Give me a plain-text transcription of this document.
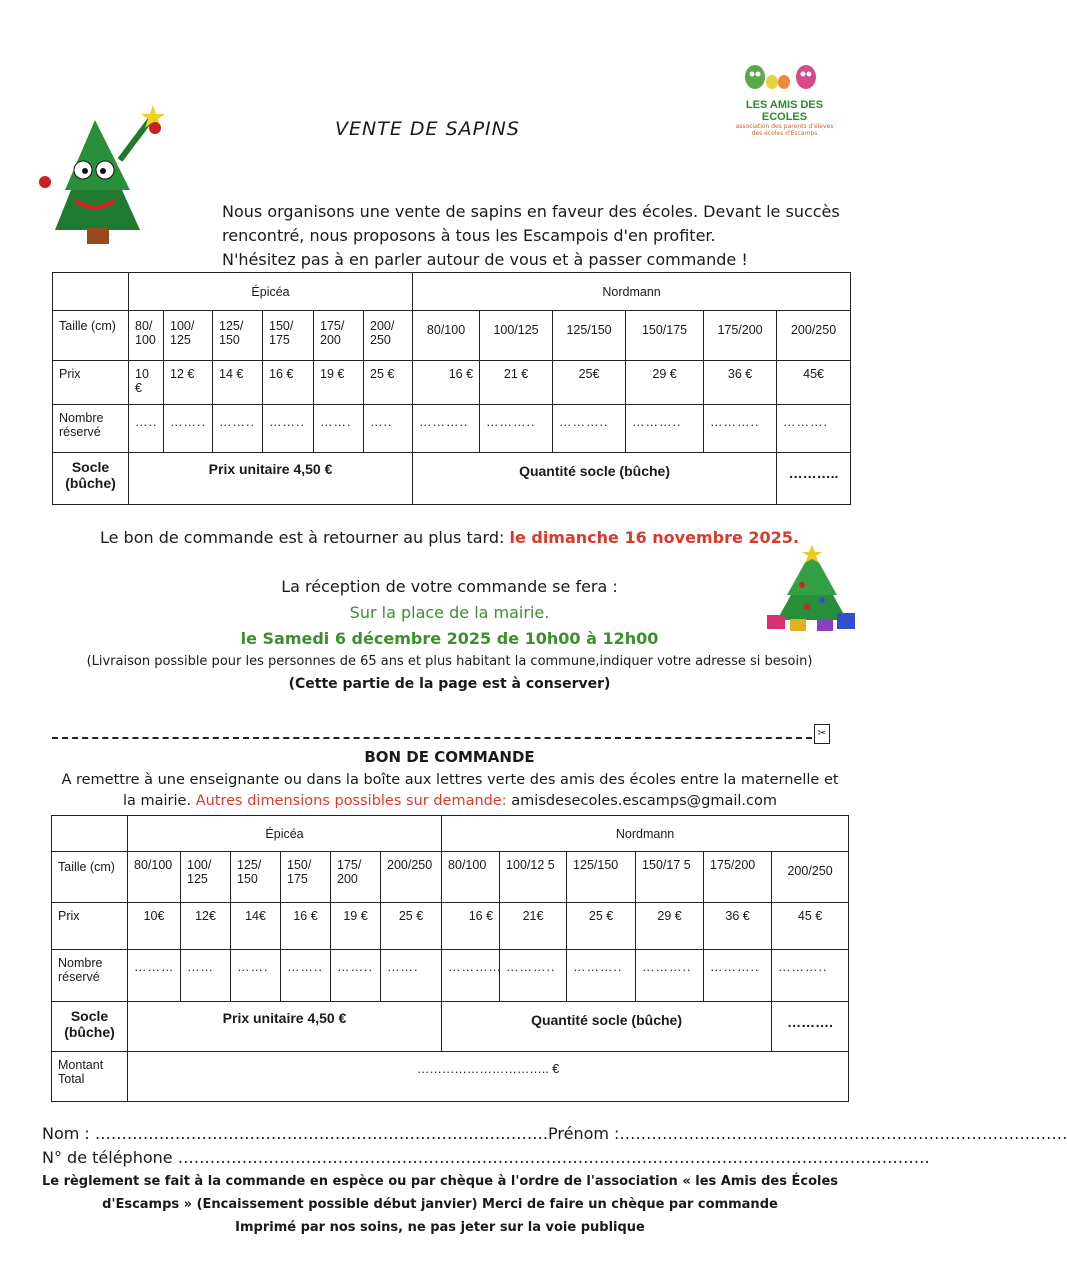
LES AMIS DES ECOLES
association des parents d'élèves
des écoles d'Escamps
VENTE DE SAPINS
Nous organisons une vente de sapins en faveur des écoles. Devant le succès
rencontré, nous proposons à tous les Escampois d'en profiter.
N'hésitez pas à en parler autour de vous et à passer commande !
	Épicéa						Nordmann					
Taille (cm)	80/ 100	100/ 125	125/ 150	150/ 175	175/ 200	200/ 250	80/100	100/125	125/150	150/175	175/200	200/250
Prix	10 €	12 €	14 €	16 €	19 €	25 €	16 €	21 €	25€	29 €	36 €	45€
Nombre réservé	…..	……..	……..	……..	…….	…..	………..	………..	………..	………..	………..	……….
Socle (bûche)	Prix unitaire 4,50 €						Quantité socle (bûche)					………..
Le bon de commande est à retourner au plus tard: le dimanche 16 novembre 2025.
La réception de votre commande se fera :
Sur la place de la mairie.
le Samedi 6 décembre 2025 de 10h00 à 12h00
(Livraison possible pour les personnes de 65 ans et plus habitant la commune,indiquer votre adresse si besoin)
(Cette partie de la page est à conserver)
✂
BON DE COMMANDE
A remettre à une enseignante ou dans la boîte aux lettres verte des amis des écoles entre la maternelle et
la mairie. Autres dimensions possibles sur demande: amisdesecoles.escamps@gmail.com
	Épicéa						Nordmann					
Taille (cm)	80/100	100/ 125	125/ 150	150/ 175	175/ 200	200/250	80/100	100/12 5	125/150	150/17 5	175/200	200/250
Prix	10€	12€	14€	16 €	19 €	25 €	16 €	21€	25 €	29 €	36 €	45 €
Nombre réservé	………	……	…….	……..	……..	…….	…………	………..	………..	………..	………..	………..
Socle (bûche)	Prix unitaire 4,50 €						Quantité socle (bûche)					……….
Montant Total	………………………….. €											
Nom : ………………………………………………………………………….Prénom :…………………………………………………………………………
N° de téléphone ……………………………………………………………………………………………………………………………
Le règlement se fait à la commande en espèce ou par chèque à l'ordre de l'association « les Amis des Écoles
d'Escamps » (Encaissement possible début janvier) Merci de faire un chèque par commande
Imprimé par nos soins, ne pas jeter sur la voie publique
